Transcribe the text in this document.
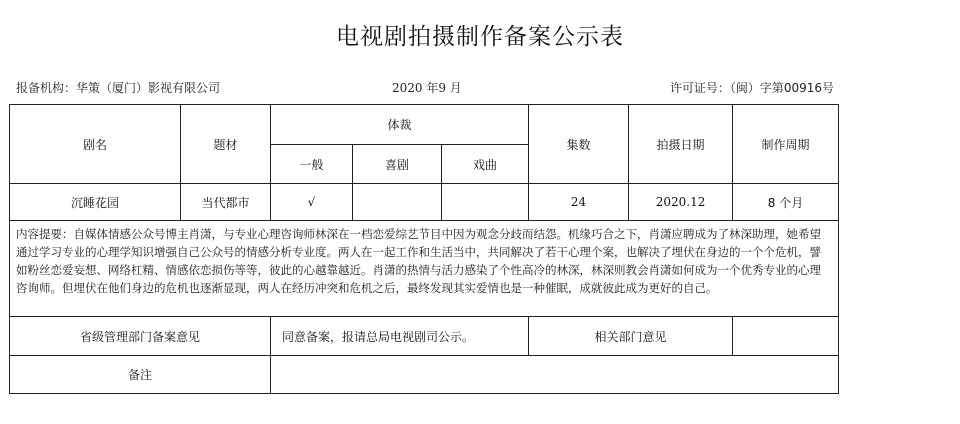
电视剧拍摄制作备案公示表
报备机构：华策（厦门）影视有限公司	2020 年9 月	许可证号：（闽）字第00916号
剧名	题材	体裁			集数	拍摄日期	制作周期
		一般	喜剧	戏曲			
沉睡花园	当代都市	√			24	2020.12	8 个月
内容提要：自媒体情感公众号博主肖潇，与专业心理咨询师林深在一档恋爱综艺节目中因为观念分歧而结怨。机缘巧合之下，肖潇应聘成为了林深助理，她希望通过学习专业的心理学知识增强自己公众号的情感分析专业度。两人在一起工作和生活当中，共同解决了若干心理个案，也解决了埋伏在身边的一个个危机，譬如粉丝恋爱妄想、网络杠精、情感依恋损伤等等，彼此的心越靠越近。肖潇的热情与活力感染了个性高冷的林深，林深则教会肖潇如何成为一个优秀专业的心理咨询师。但埋伏在他们身边的危机也逐渐显现，两人在经历冲突和危机之后，最终发现其实爱情也是一种催眠，成就彼此成为更好的自己。							
省级管理部门备案意见		同意备案，报请总局电视剧司公示。			相关部门意见		
备注							
